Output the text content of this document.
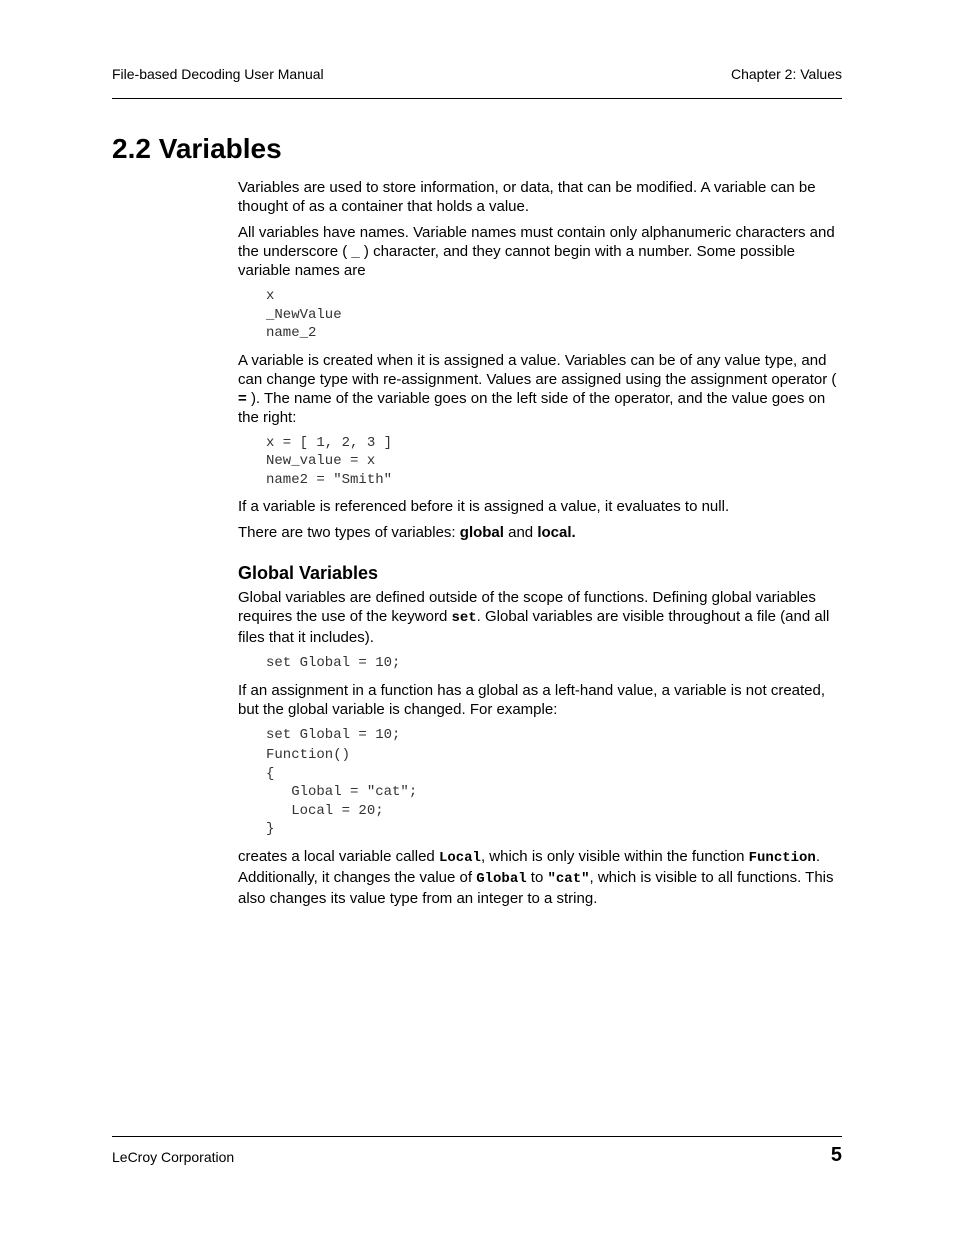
File-based Decoding User Manual	Chapter 2: Values
2.2 Variables

Variables are used to store information, or data, that can be modified. A variable can be thought of as a container that holds a value.

All variables have names. Variable names must contain only alphanumeric characters and the underscore ( _ ) character, and they cannot begin with a number. Some possible variable names are

x
_NewValue
name_2

A variable is created when it is assigned a value. Variables can be of any value type, and can change type with re-assignment. Values are assigned using the assignment operator ( = ). The name of the variable goes on the left side of the operator, and the value goes on the right:

x = [ 1, 2, 3 ]
New_value = x
name2 = "Smith"

If a variable is referenced before it is assigned a value, it evaluates to null.

There are two types of variables: global and local.

Global Variables

Global variables are defined outside of the scope of functions. Defining global variables requires the use of the keyword set. Global variables are visible throughout a file (and all files that it includes).

set Global = 10;

If an assignment in a function has a global as a left-hand value, a variable is not created, but the global variable is changed. For example:

set Global = 10;
Function()
{
Global = "cat";
Local = 20;
}

creates a local variable called Local, which is only visible within the function Function. Additionally, it changes the value of Global to "cat", which is visible to all functions. This also changes its value type from an integer to a string.

LeCroy Corporation	5
